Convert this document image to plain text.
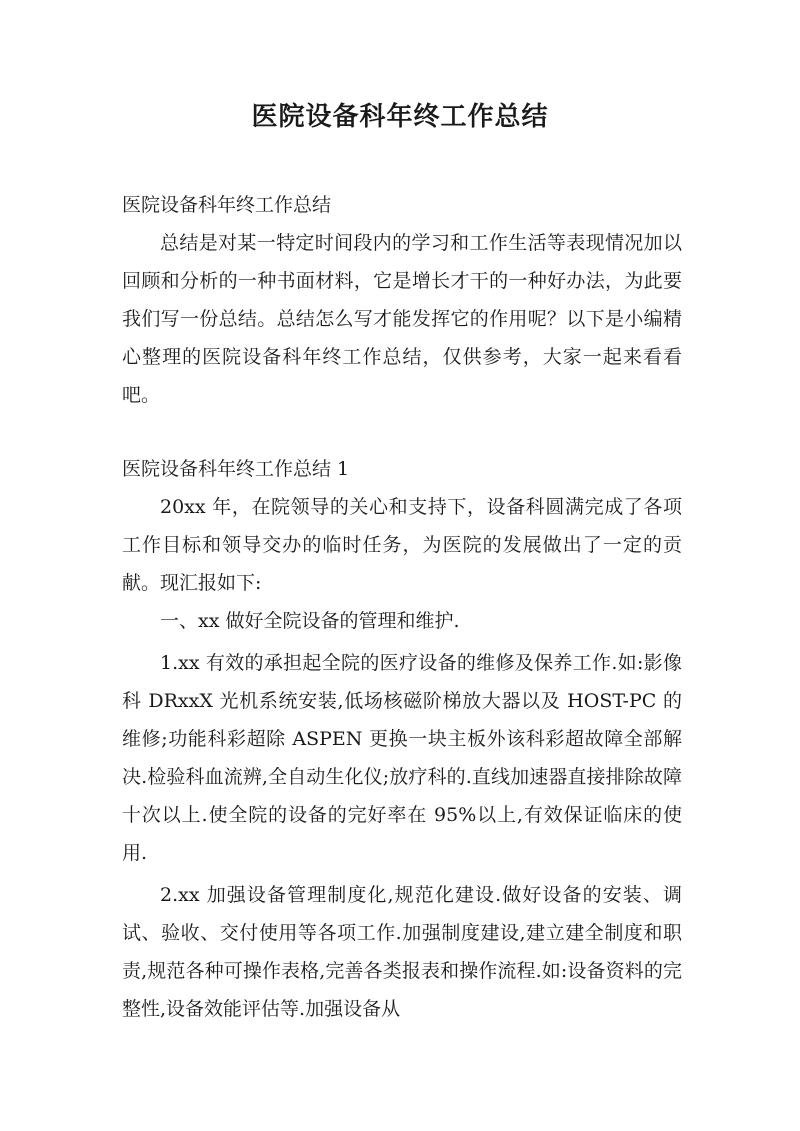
医院设备科年终工作总结

医院设备科年终工作总结

总结是对某一特定时间段内的学习和工作生活等表现情况加以回顾和分析的一种书面材料，它是增长才干的一种好办法，为此要我们写一份总结。总结怎么写才能发挥它的作用呢？以下是小编精心整理的医院设备科年终工作总结，仅供参考，大家一起来看看吧。

医院设备科年终工作总结 1

20xx 年，在院领导的关心和支持下，设备科圆满完成了各项工作目标和领导交办的临时任务，为医院的发展做出了一定的贡献。现汇报如下:

一、xx 做好全院设备的管理和维护.

1.xx 有效的承担起全院的医疗设备的维修及保养工作.如:影像科 DRxxX 光机系统安装,低场核磁阶梯放大器以及 HOST-PC 的维修;功能科彩超除 ASPEN 更换一块主板外该科彩超故障全部解决.检验科血流辨,全自动生化仪;放疗科的.直线加速器直接排除故障十次以上.使全院的设备的完好率在 95%以上,有效保证临床的使用.

2.xx 加强设备管理制度化,规范化建设.做好设备的安装、调试、验收、交付使用等各项工作.加强制度建设,建立建全制度和职责,规范各种可操作表格,完善各类报表和操作流程.如:设备资料的完整性,设备效能评估等.加强设备从
